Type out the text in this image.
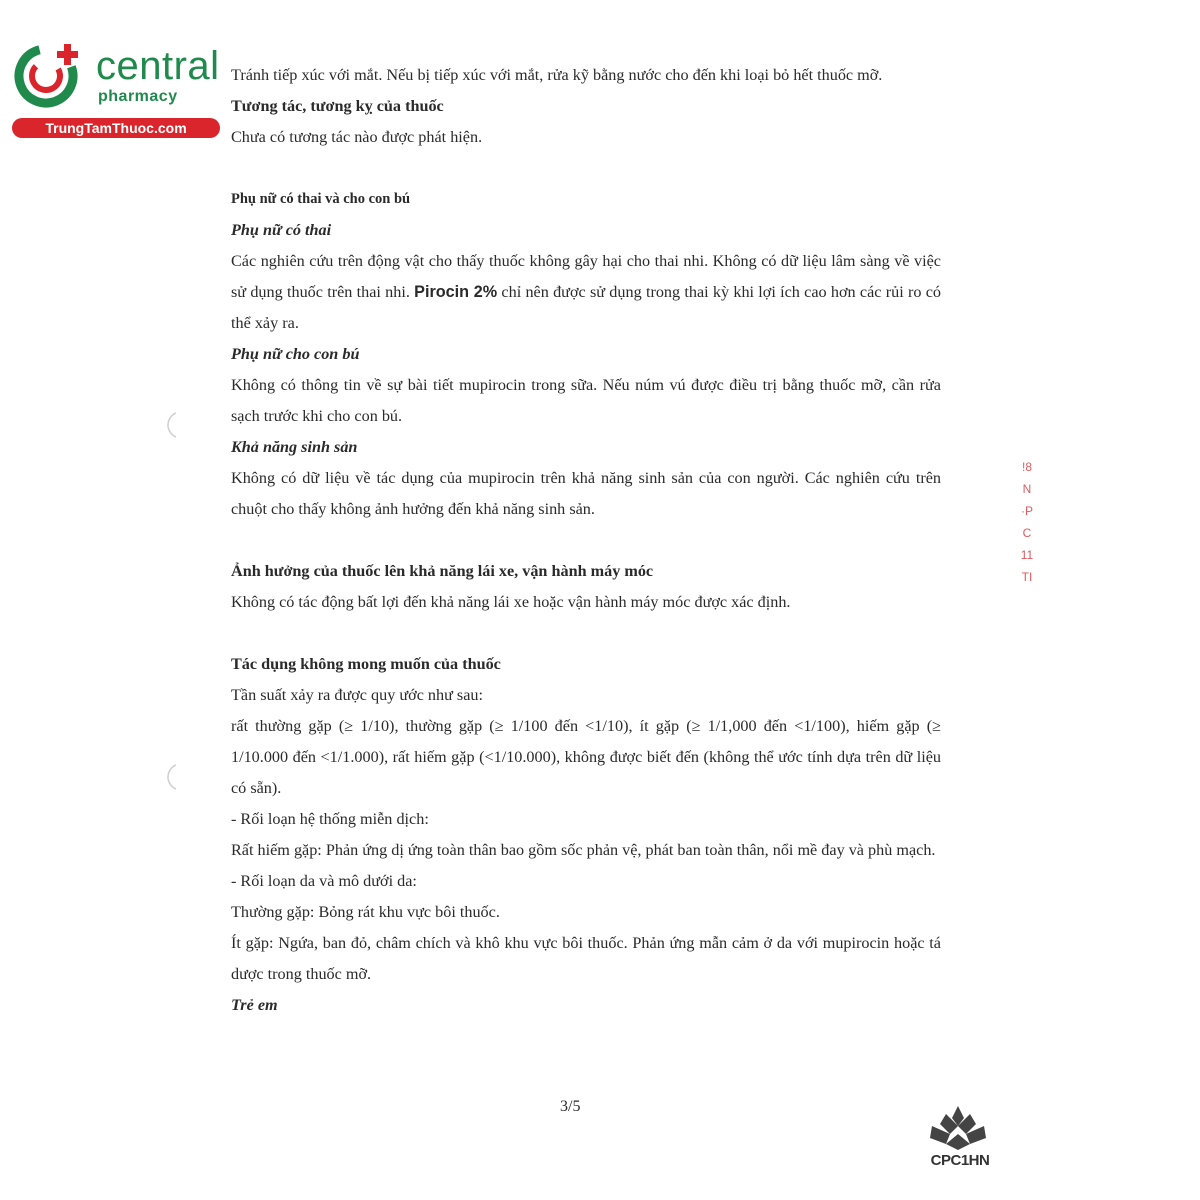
central
pharmacy
TrungTamThuoc.com

Tránh tiếp xúc với mắt. Nếu bị tiếp xúc với mắt, rửa kỹ bằng nước cho đến khi loại bỏ hết thuốc mỡ.

Tương tác, tương kỵ của thuốc

Chưa có tương tác nào được phát hiện.

Phụ nữ có thai và cho con bú

Phụ nữ có thai

Các nghiên cứu trên động vật cho thấy thuốc không gây hại cho thai nhi. Không có dữ liệu lâm sàng về việc sử dụng thuốc trên thai nhi. Pirocin 2% chỉ nên được sử dụng trong thai kỳ khi lợi ích cao hơn các rủi ro có thể xảy ra.

Phụ nữ cho con bú

Không có thông tin về sự bài tiết mupirocin trong sữa. Nếu núm vú được điều trị bằng thuốc mỡ, cần rửa sạch trước khi cho con bú.

Khả năng sinh sản

Không có dữ liệu về tác dụng của mupirocin trên khả năng sinh sản của con người. Các nghiên cứu trên chuột cho thấy không ảnh hưởng đến khả năng sinh sản.

Ảnh hưởng của thuốc lên khả năng lái xe, vận hành máy móc

Không có tác động bất lợi đến khả năng lái xe hoặc vận hành máy móc được xác định.

Tác dụng không mong muốn của thuốc

Tần suất xảy ra được quy ước như sau:

rất thường gặp (≥ 1/10), thường gặp (≥ 1/100 đến <1/10), ít gặp (≥ 1/1,000 đến <1/100), hiếm gặp (≥ 1/10.000 đến <1/1.000), rất hiếm gặp (<1/10.000), không được biết đến (không thể ước tính dựa trên dữ liệu có sẵn).

- Rối loạn hệ thống miễn dịch:

Rất hiếm gặp: Phản ứng dị ứng toàn thân bao gồm sốc phản vệ, phát ban toàn thân, nổi mề đay và phù mạch.

- Rối loạn da và mô dưới da:

Thường gặp: Bỏng rát khu vực bôi thuốc.

Ít gặp: Ngứa, ban đỏ, châm chích và khô khu vực bôi thuốc. Phản ứng mẫn cảm ở da với mupirocin hoặc tá dược trong thuốc mỡ.

Trẻ em

3/5
!8
N
·P
C
11
TI
CPC1HN
